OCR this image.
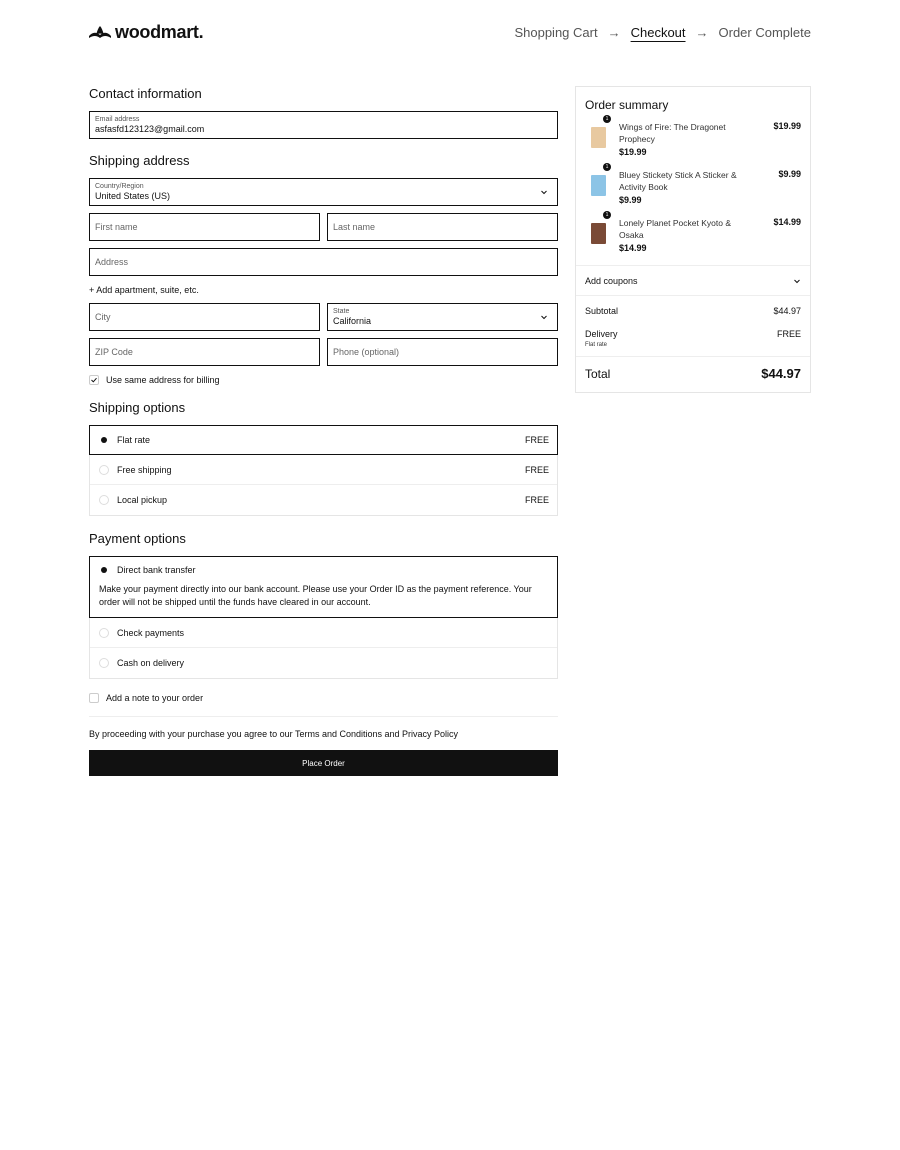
woodmart.	Shopping Cart → Checkout → Order Complete
Contact information
Email address
asfasfd123123@gmail.com
Shipping address
Country/Region
United States (US)
First name	Last name
Address
+ Add apartment, suite, etc.
City
State
California
ZIP Code	Phone (optional)
Use same address for billing
Shipping options
Flat rate	FREE
Free shipping	FREE
Local pickup	FREE
Payment options
Direct bank transfer
Make your payment directly into our bank account. Please use your Order ID as the payment reference. Your order will not be shipped until the funds have cleared in our account.
Check payments
Cash on delivery
Add a note to your order
By proceeding with your purchase you agree to our Terms and Conditions and Privacy Policy
Place Order
Order summary
1
Wings of Fire: The Dragonet Prophecy
$19.99
$19.99
1
Bluey Stickety Stick A Sticker & Activity Book
$9.99
$9.99
1
Lonely Planet Pocket Kyoto & Osaka
$14.99
$14.99
Add coupons
Subtotal	$44.97
Delivery	FREE
Flat rate
Total	$44.97
